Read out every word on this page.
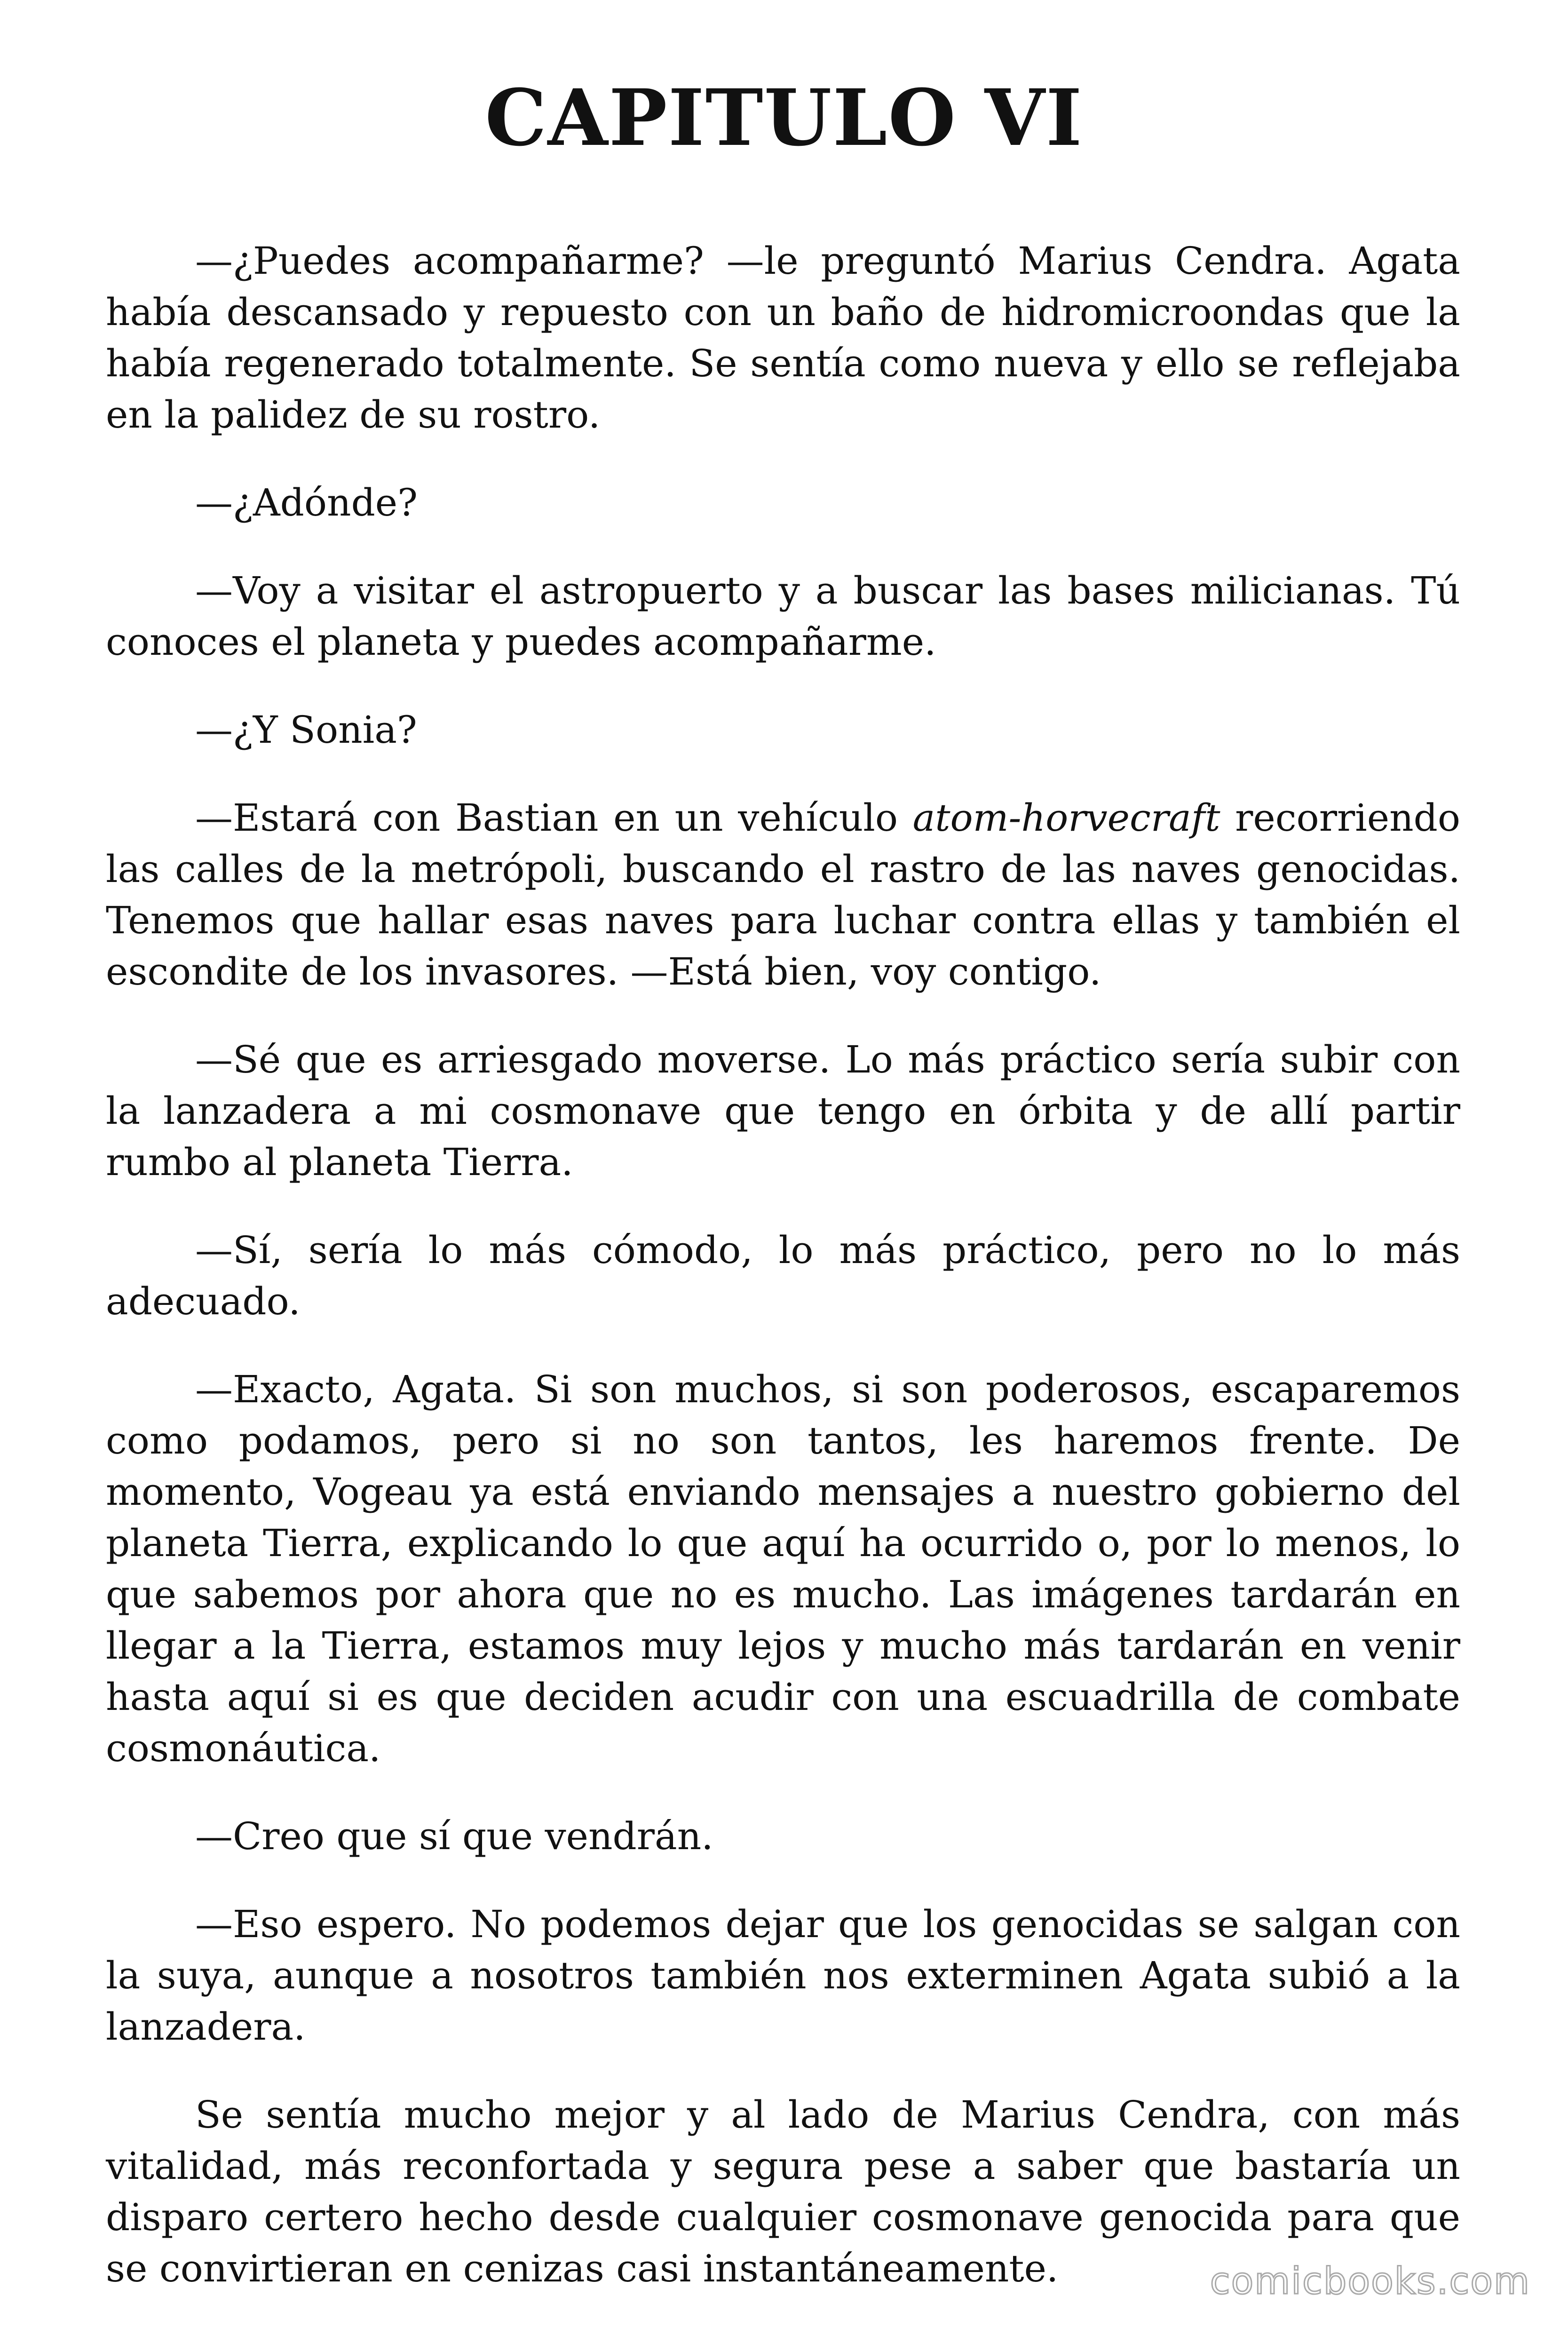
CAPITULO VI

—¿Puedes acompañarme? —le preguntó Marius Cendra. Agata había descansado y repuesto con un baño de hidromicroondas que la había regenerado totalmente. Se sentía como nueva y ello se reflejaba en la palidez de su rostro.

—¿Adónde?

—Voy a visitar el astropuerto y a buscar las bases milicianas. Tú conoces el planeta y puedes acompañarme.

—¿Y Sonia?

—Estará con Bastian en un vehículo atom-horvecraft recorriendo las calles de la metrópoli, buscando el rastro de las naves genocidas. Tenemos que hallar esas naves para luchar contra ellas y también el escondite de los invasores. —Está bien, voy contigo.

—Sé que es arriesgado moverse. Lo más práctico sería subir con la lanzadera a mi cosmonave que tengo en órbita y de allí partir rumbo al planeta Tierra.

—Sí, sería lo más cómodo, lo más práctico, pero no lo más adecuado.

—Exacto, Agata. Si son muchos, si son poderosos, escaparemos como podamos, pero si no son tantos, les haremos frente. De momento, Vogeau ya está enviando mensajes a nuestro gobierno del planeta Tierra, explicando lo que aquí ha ocurrido o, por lo menos, lo que sabemos por ahora que no es mucho. Las imágenes tardarán en llegar a la Tierra, estamos muy lejos y mucho más tardarán en venir hasta aquí si es que deciden acudir con una escuadrilla de combate cosmonáutica.

—Creo que sí que vendrán.

—Eso espero. No podemos dejar que los genocidas se salgan con la suya, aunque a nosotros también nos exterminen Agata subió a la lanzadera.

Se sentía mucho mejor y al lado de Marius Cendra, con más vitalidad, más reconfortada y segura pese a saber que bastaría un disparo certero hecho desde cualquier cosmonave genocida para que se convirtieran en cenizas casi instantáneamente.	comicbooks.com
